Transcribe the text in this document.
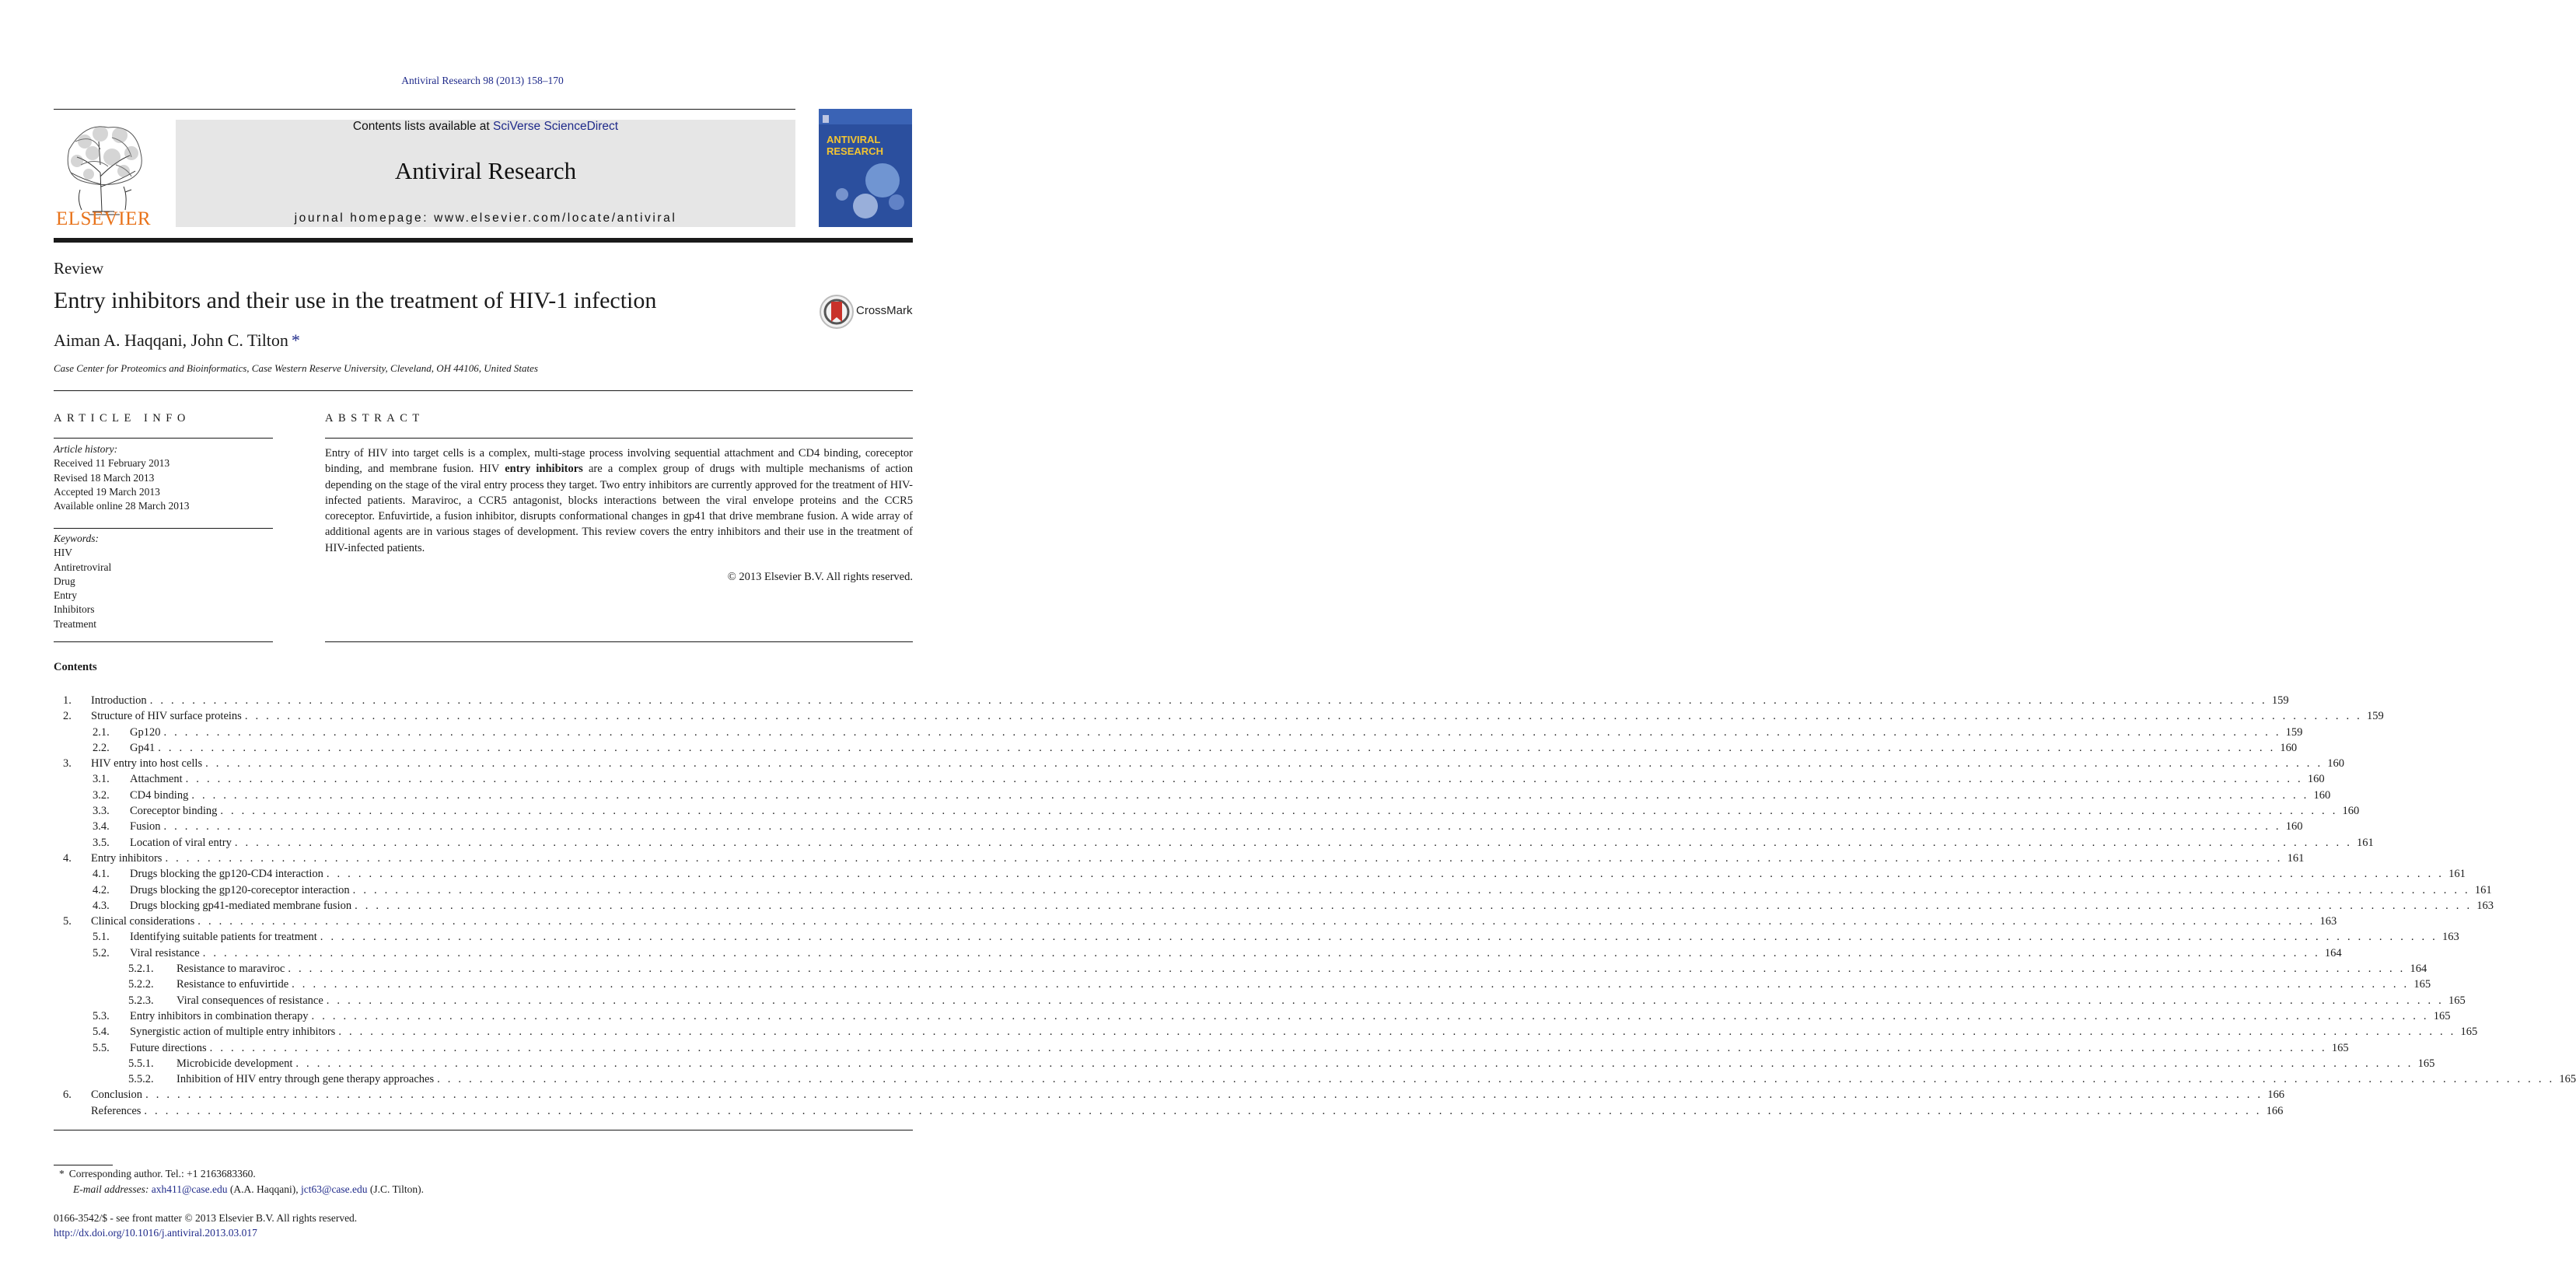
Antiviral Research 98 (2013) 158–170
ELSEVIER
Contents lists available at SciVerse ScienceDirect
Antiviral Research
journal homepage: www.elsevier.com/locate/antiviral
ANTIVIRAL
RESEARCH
Review
Entry inhibitors and their use in the treatment of HIV-1 infection
Aiman A. Haqqani, John C. Tilton *
Case Center for Proteomics and Bioinformatics, Case Western Reserve University, Cleveland, OH 44106, United States
CrossMark
ARTICLE INFO
Article history:
Received 11 February 2013
Revised 18 March 2013
Accepted 19 March 2013
Available online 28 March 2013
Keywords:
HIV
Antiretroviral
Drug
Entry
Inhibitors
Treatment
ABSTRACT
Entry of HIV into target cells is a complex, multi-stage process involving sequential attachment and CD4 binding, coreceptor binding, and membrane fusion. HIV entry inhibitors are a complex group of drugs with multiple mechanisms of action depending on the stage of the viral entry process they target. Two entry inhibitors are currently approved for the treatment of HIV-infected patients. Maraviroc, a CCR5 antagonist, blocks interactions between the viral envelope proteins and the CCR5 coreceptor. Enfuvirtide, a fusion inhibitor, disrupts conformational changes in gp41 that drive membrane fusion. A wide array of additional agents are in various stages of development. This review covers the entry inhibitors and their use in the treatment of HIV-infected patients.
© 2013 Elsevier B.V. All rights reserved.
Contents
1. Introduction . . . . . . . . . . . . . . . . . . . . . . . . . . . . . . . . . . . . . . . . . . . . . . . . . . . . . . . . . . . . . . . . . . . . . . . . . . . . . . . . . . . . . . . . . . . . . . . . . . . . . . . . . . . . . . . . . . . . . . . . . . . . . . . . . . . . . . . . . . . . . . . . . . . . . . . . . . . . . . . . . . . . . . . . . . . . . . . . . . . . . . . . . . . . . . . . . . . . . . . . 159
2. Structure of HIV surface proteins . . . . . . . . . . . . . . . . . . . . . . . . . . . . . . . . . . . . . . . . . . . . . . . . . . . . . . . . . . . . . . . . . . . . . . . . . . . . . . . . . . . . . . . . . . . . . . . . . . . . . . . . . . . . . . . . . . . . . . . . . . . . . . . . . . . . . . . . . . . . . . . . . . . . . . . . . . . . . . . . . . . . . . . . . . . . . . . . . . . . . . . . . . . . . . . . . . . . . . . . 159
2.1. Gp120 . . . . . . . . . . . . . . . . . . . . . . . . . . . . . . . . . . . . . . . . . . . . . . . . . . . . . . . . . . . . . . . . . . . . . . . . . . . . . . . . . . . . . . . . . . . . . . . . . . . . . . . . . . . . . . . . . . . . . . . . . . . . . . . . . . . . . . . . . . . . . . . . . . . . . . . . . . . . . . . . . . . . . . . . . . . . . . . . . . . . . . . . . . . . . . . . . . . . . . . . 159
2.2. Gp41 . . . . . . . . . . . . . . . . . . . . . . . . . . . . . . . . . . . . . . . . . . . . . . . . . . . . . . . . . . . . . . . . . . . . . . . . . . . . . . . . . . . . . . . . . . . . . . . . . . . . . . . . . . . . . . . . . . . . . . . . . . . . . . . . . . . . . . . . . . . . . . . . . . . . . . . . . . . . . . . . . . . . . . . . . . . . . . . . . . . . . . . . . . . . . . . . . . . . . . . . 160
3. HIV entry into host cells . . . . . . . . . . . . . . . . . . . . . . . . . . . . . . . . . . . . . . . . . . . . . . . . . . . . . . . . . . . . . . . . . . . . . . . . . . . . . . . . . . . . . . . . . . . . . . . . . . . . . . . . . . . . . . . . . . . . . . . . . . . . . . . . . . . . . . . . . . . . . . . . . . . . . . . . . . . . . . . . . . . . . . . . . . . . . . . . . . . . . . . . . . . . . . . . . . . . . . . . 160
3.1. Attachment . . . . . . . . . . . . . . . . . . . . . . . . . . . . . . . . . . . . . . . . . . . . . . . . . . . . . . . . . . . . . . . . . . . . . . . . . . . . . . . . . . . . . . . . . . . . . . . . . . . . . . . . . . . . . . . . . . . . . . . . . . . . . . . . . . . . . . . . . . . . . . . . . . . . . . . . . . . . . . . . . . . . . . . . . . . . . . . . . . . . . . . . . . . . . . . . . . . . . . . . 160
3.2. CD4 binding . . . . . . . . . . . . . . . . . . . . . . . . . . . . . . . . . . . . . . . . . . . . . . . . . . . . . . . . . . . . . . . . . . . . . . . . . . . . . . . . . . . . . . . . . . . . . . . . . . . . . . . . . . . . . . . . . . . . . . . . . . . . . . . . . . . . . . . . . . . . . . . . . . . . . . . . . . . . . . . . . . . . . . . . . . . . . . . . . . . . . . . . . . . . . . . . . . . . . . . . 160
3.3. Coreceptor binding . . . . . . . . . . . . . . . . . . . . . . . . . . . . . . . . . . . . . . . . . . . . . . . . . . . . . . . . . . . . . . . . . . . . . . . . . . . . . . . . . . . . . . . . . . . . . . . . . . . . . . . . . . . . . . . . . . . . . . . . . . . . . . . . . . . . . . . . . . . . . . . . . . . . . . . . . . . . . . . . . . . . . . . . . . . . . . . . . . . . . . . . . . . . . . . . . . . . . . . . 160
3.4. Fusion . . . . . . . . . . . . . . . . . . . . . . . . . . . . . . . . . . . . . . . . . . . . . . . . . . . . . . . . . . . . . . . . . . . . . . . . . . . . . . . . . . . . . . . . . . . . . . . . . . . . . . . . . . . . . . . . . . . . . . . . . . . . . . . . . . . . . . . . . . . . . . . . . . . . . . . . . . . . . . . . . . . . . . . . . . . . . . . . . . . . . . . . . . . . . . . . . . . . . . . . 160
3.5. Location of viral entry . . . . . . . . . . . . . . . . . . . . . . . . . . . . . . . . . . . . . . . . . . . . . . . . . . . . . . . . . . . . . . . . . . . . . . . . . . . . . . . . . . . . . . . . . . . . . . . . . . . . . . . . . . . . . . . . . . . . . . . . . . . . . . . . . . . . . . . . . . . . . . . . . . . . . . . . . . . . . . . . . . . . . . . . . . . . . . . . . . . . . . . . . . . . . . . . . . . . . . . . 161
4. Entry inhibitors . . . . . . . . . . . . . . . . . . . . . . . . . . . . . . . . . . . . . . . . . . . . . . . . . . . . . . . . . . . . . . . . . . . . . . . . . . . . . . . . . . . . . . . . . . . . . . . . . . . . . . . . . . . . . . . . . . . . . . . . . . . . . . . . . . . . . . . . . . . . . . . . . . . . . . . . . . . . . . . . . . . . . . . . . . . . . . . . . . . . . . . . . . . . . . . . . . . . . . . . 161
4.1. Drugs blocking the gp120-CD4 interaction . . . . . . . . . . . . . . . . . . . . . . . . . . . . . . . . . . . . . . . . . . . . . . . . . . . . . . . . . . . . . . . . . . . . . . . . . . . . . . . . . . . . . . . . . . . . . . . . . . . . . . . . . . . . . . . . . . . . . . . . . . . . . . . . . . . . . . . . . . . . . . . . . . . . . . . . . . . . . . . . . . . . . . . . . . . . . . . . . . . . . . . . . . . . . . . . . . . . . . . . 161
4.2. Drugs blocking the gp120-coreceptor interaction . . . . . . . . . . . . . . . . . . . . . . . . . . . . . . . . . . . . . . . . . . . . . . . . . . . . . . . . . . . . . . . . . . . . . . . . . . . . . . . . . . . . . . . . . . . . . . . . . . . . . . . . . . . . . . . . . . . . . . . . . . . . . . . . . . . . . . . . . . . . . . . . . . . . . . . . . . . . . . . . . . . . . . . . . . . . . . . . . . . . . . . . . . . . . . . . . . . . . . . . 161
4.3. Drugs blocking gp41-mediated membrane fusion . . . . . . . . . . . . . . . . . . . . . . . . . . . . . . . . . . . . . . . . . . . . . . . . . . . . . . . . . . . . . . . . . . . . . . . . . . . . . . . . . . . . . . . . . . . . . . . . . . . . . . . . . . . . . . . . . . . . . . . . . . . . . . . . . . . . . . . . . . . . . . . . . . . . . . . . . . . . . . . . . . . . . . . . . . . . . . . . . . . . . . . . . . . . . . . . . . . . . . . . 163
5. Clinical considerations . . . . . . . . . . . . . . . . . . . . . . . . . . . . . . . . . . . . . . . . . . . . . . . . . . . . . . . . . . . . . . . . . . . . . . . . . . . . . . . . . . . . . . . . . . . . . . . . . . . . . . . . . . . . . . . . . . . . . . . . . . . . . . . . . . . . . . . . . . . . . . . . . . . . . . . . . . . . . . . . . . . . . . . . . . . . . . . . . . . . . . . . . . . . . . . . . . . . . . . . 163
5.1. Identifying suitable patients for treatment . . . . . . . . . . . . . . . . . . . . . . . . . . . . . . . . . . . . . . . . . . . . . . . . . . . . . . . . . . . . . . . . . . . . . . . . . . . . . . . . . . . . . . . . . . . . . . . . . . . . . . . . . . . . . . . . . . . . . . . . . . . . . . . . . . . . . . . . . . . . . . . . . . . . . . . . . . . . . . . . . . . . . . . . . . . . . . . . . . . . . . . . . . . . . . . . . . . . . . . . 163
5.2. Viral resistance . . . . . . . . . . . . . . . . . . . . . . . . . . . . . . . . . . . . . . . . . . . . . . . . . . . . . . . . . . . . . . . . . . . . . . . . . . . . . . . . . . . . . . . . . . . . . . . . . . . . . . . . . . . . . . . . . . . . . . . . . . . . . . . . . . . . . . . . . . . . . . . . . . . . . . . . . . . . . . . . . . . . . . . . . . . . . . . . . . . . . . . . . . . . . . . . . . . . . . . . 164
5.2.1. Resistance to maraviroc . . . . . . . . . . . . . . . . . . . . . . . . . . . . . . . . . . . . . . . . . . . . . . . . . . . . . . . . . . . . . . . . . . . . . . . . . . . . . . . . . . . . . . . . . . . . . . . . . . . . . . . . . . . . . . . . . . . . . . . . . . . . . . . . . . . . . . . . . . . . . . . . . . . . . . . . . . . . . . . . . . . . . . . . . . . . . . . . . . . . . . . . . . . . . . . . . . . . . . . . 164
5.2.2. Resistance to enfuvirtide . . . . . . . . . . . . . . . . . . . . . . . . . . . . . . . . . . . . . . . . . . . . . . . . . . . . . . . . . . . . . . . . . . . . . . . . . . . . . . . . . . . . . . . . . . . . . . . . . . . . . . . . . . . . . . . . . . . . . . . . . . . . . . . . . . . . . . . . . . . . . . . . . . . . . . . . . . . . . . . . . . . . . . . . . . . . . . . . . . . . . . . . . . . . . . . . . . . . . . . . 165
5.2.3. Viral consequences of resistance . . . . . . . . . . . . . . . . . . . . . . . . . . . . . . . . . . . . . . . . . . . . . . . . . . . . . . . . . . . . . . . . . . . . . . . . . . . . . . . . . . . . . . . . . . . . . . . . . . . . . . . . . . . . . . . . . . . . . . . . . . . . . . . . . . . . . . . . . . . . . . . . . . . . . . . . . . . . . . . . . . . . . . . . . . . . . . . . . . . . . . . . . . . . . . . . . . . . . . . . 165
5.3. Entry inhibitors in combination therapy . . . . . . . . . . . . . . . . . . . . . . . . . . . . . . . . . . . . . . . . . . . . . . . . . . . . . . . . . . . . . . . . . . . . . . . . . . . . . . . . . . . . . . . . . . . . . . . . . . . . . . . . . . . . . . . . . . . . . . . . . . . . . . . . . . . . . . . . . . . . . . . . . . . . . . . . . . . . . . . . . . . . . . . . . . . . . . . . . . . . . . . . . . . . . . . . . . . . . . . . 165
5.4. Synergistic action of multiple entry inhibitors . . . . . . . . . . . . . . . . . . . . . . . . . . . . . . . . . . . . . . . . . . . . . . . . . . . . . . . . . . . . . . . . . . . . . . . . . . . . . . . . . . . . . . . . . . . . . . . . . . . . . . . . . . . . . . . . . . . . . . . . . . . . . . . . . . . . . . . . . . . . . . . . . . . . . . . . . . . . . . . . . . . . . . . . . . . . . . . . . . . . . . . . . . . . . . . . . . . . . . . . 165
5.5. Future directions . . . . . . . . . . . . . . . . . . . . . . . . . . . . . . . . . . . . . . . . . . . . . . . . . . . . . . . . . . . . . . . . . . . . . . . . . . . . . . . . . . . . . . . . . . . . . . . . . . . . . . . . . . . . . . . . . . . . . . . . . . . . . . . . . . . . . . . . . . . . . . . . . . . . . . . . . . . . . . . . . . . . . . . . . . . . . . . . . . . . . . . . . . . . . . . . . . . . . . . . 165
5.5.1. Microbicide development . . . . . . . . . . . . . . . . . . . . . . . . . . . . . . . . . . . . . . . . . . . . . . . . . . . . . . . . . . . . . . . . . . . . . . . . . . . . . . . . . . . . . . . . . . . . . . . . . . . . . . . . . . . . . . . . . . . . . . . . . . . . . . . . . . . . . . . . . . . . . . . . . . . . . . . . . . . . . . . . . . . . . . . . . . . . . . . . . . . . . . . . . . . . . . . . . . . . . . . . 165
5.5.2. Inhibition of HIV entry through gene therapy approaches . . . . . . . . . . . . . . . . . . . . . . . . . . . . . . . . . . . . . . . . . . . . . . . . . . . . . . . . . . . . . . . . . . . . . . . . . . . . . . . . . . . . . . . . . . . . . . . . . . . . . . . . . . . . . . . . . . . . . . . . . . . . . . . . . . . . . . . . . . . . . . . . . . . . . . . . . . . . . . . . . . . . . . . . . . . . . . . . . . . . . . . . . . . . . . . . . . . . . . . . 165
6. Conclusion . . . . . . . . . . . . . . . . . . . . . . . . . . . . . . . . . . . . . . . . . . . . . . . . . . . . . . . . . . . . . . . . . . . . . . . . . . . . . . . . . . . . . . . . . . . . . . . . . . . . . . . . . . . . . . . . . . . . . . . . . . . . . . . . . . . . . . . . . . . . . . . . . . . . . . . . . . . . . . . . . . . . . . . . . . . . . . . . . . . . . . . . . . . . . . . . . . . . . . . . 166
References . . . . . . . . . . . . . . . . . . . . . . . . . . . . . . . . . . . . . . . . . . . . . . . . . . . . . . . . . . . . . . . . . . . . . . . . . . . . . . . . . . . . . . . . . . . . . . . . . . . . . . . . . . . . . . . . . . . . . . . . . . . . . . . . . . . . . . . . . . . . . . . . . . . . . . . . . . . . . . . . . . . . . . . . . . . . . . . . . . . . . . . . . . . . . . . . . . . . . . . . 166
* Corresponding author. Tel.: +1 2163683360.
E-mail addresses: axh411@case.edu (A.A. Haqqani), jct63@case.edu (J.C. Tilton).
0166-3542/$ - see front matter © 2013 Elsevier B.V. All rights reserved.
http://dx.doi.org/10.1016/j.antiviral.2013.03.017
